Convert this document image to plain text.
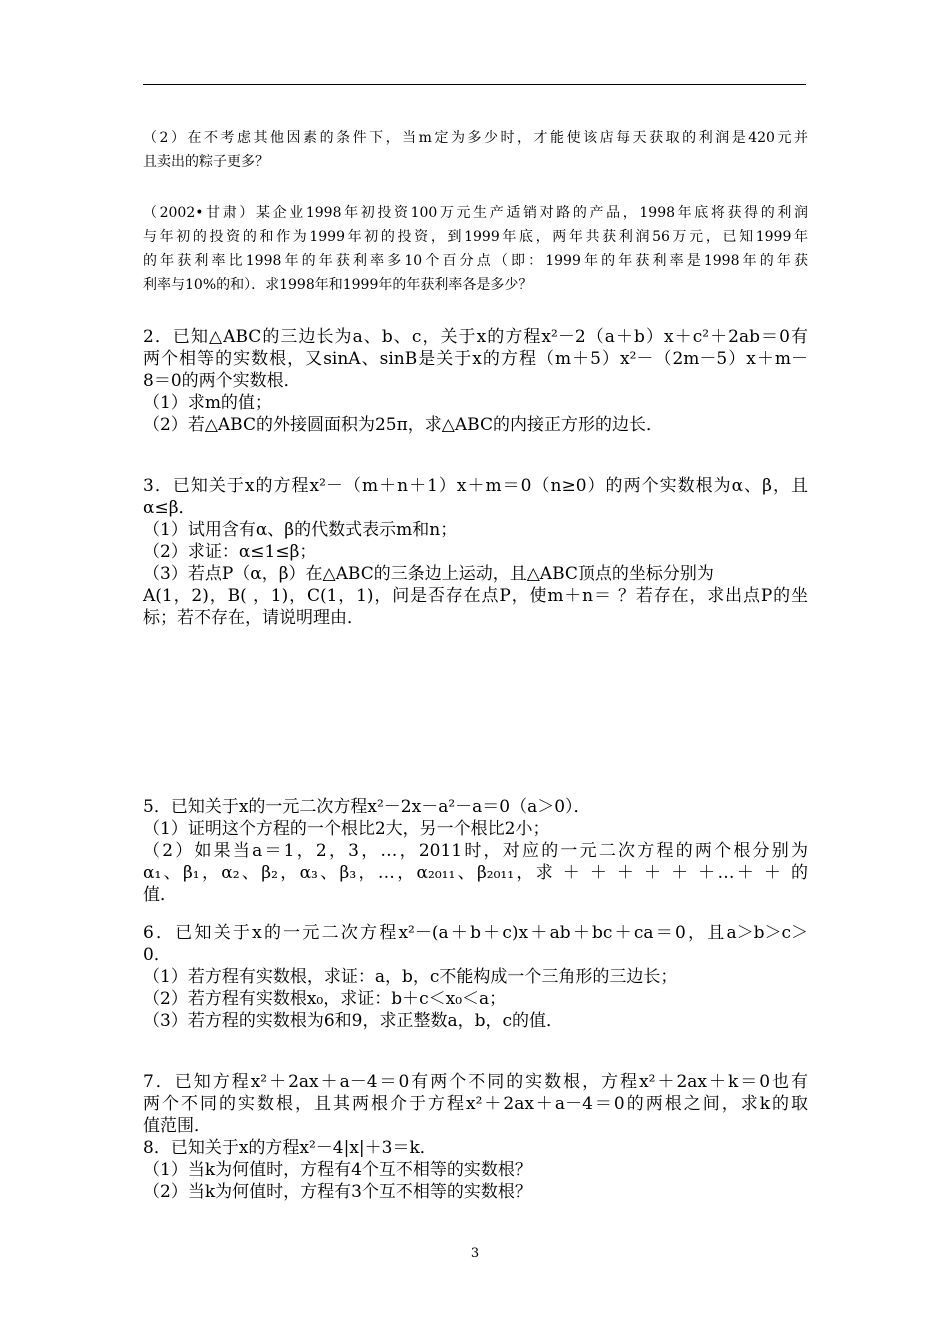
（2）在不考虑其他因素的条件下，当m定为多少时，才能使该店每天获取的利润是420元并
且卖出的粽子更多？
（2002•甘肃）某企业1998年初投资100万元生产适销对路的产品，1998年底将获得的利润
与年初的投资的和作为1999年初的投资，到1999年底，两年共获利润56万元，已知1999年
的年获利率比1998年的年获利率多10个百分点（即：1999年的年获利率是1998年的年获
利率与10%的和）．求1998年和1999年的年获利率各是多少？
2．已知△ABC的三边长为a、b、c，关于x的方程x²－2（a＋b）x＋c²＋2ab＝0有
两个相等的实数根，又sinA、sinB是关于x的方程（m＋5）x²－（2m－5）x＋m－
8＝0的两个实数根．
（1）求m的值；
（2）若△ABC的外接圆面积为25π，求△ABC的内接正方形的边长．
3．已知关于x的方程x²－（m＋n＋1）x＋m＝0（n≥0）的两个实数根为α、β，且
α≤β．
（1）试用含有α、β的代数式表示m和n；
（2）求证：α≤1≤β；
（3）若点P（α，β）在△ABC的三条边上运动，且△ABC顶点的坐标分别为
A(1，2)，B( ，1)，C(1，1)，问是否存在点P，使m＋n＝ ？若存在，求出点P的坐
标；若不存在，请说明理由．
5．已知关于x的一元二次方程x²－2x－a²－a＝0（a＞0）．
（1）证明这个方程的一个根比2大，另一个根比2小；
（2）如果当a＝1，2，3，…，2011时，对应的一元二次方程的两个根分别为
α₁、β₁，α₂、β₂，α₃、β₃，…，α₂₀₁₁、β₂₀₁₁，求 ＋ ＋ ＋ ＋ ＋ ＋…＋ ＋ 的
值．
6．已知关于x的一元二次方程x²－(a＋b＋c)x＋ab＋bc＋ca＝0，且a＞b＞c＞
0．
（1）若方程有实数根，求证：a，b，c不能构成一个三角形的三边长；
（2）若方程有实数根x₀，求证：b＋c＜x₀＜a；
（3）若方程的实数根为6和9，求正整数a，b，c的值．
7．已知方程x²＋2ax＋a－4＝0有两个不同的实数根，方程x²＋2ax＋k＝0也有
两个不同的实数根，且其两根介于方程x²＋2ax＋a－4＝0的两根之间，求k的取
值范围．
8．已知关于x的方程x²－4|x|＋3＝k．
（1）当k为何值时，方程有4个互不相等的实数根？
（2）当k为何值时，方程有3个互不相等的实数根？
3
